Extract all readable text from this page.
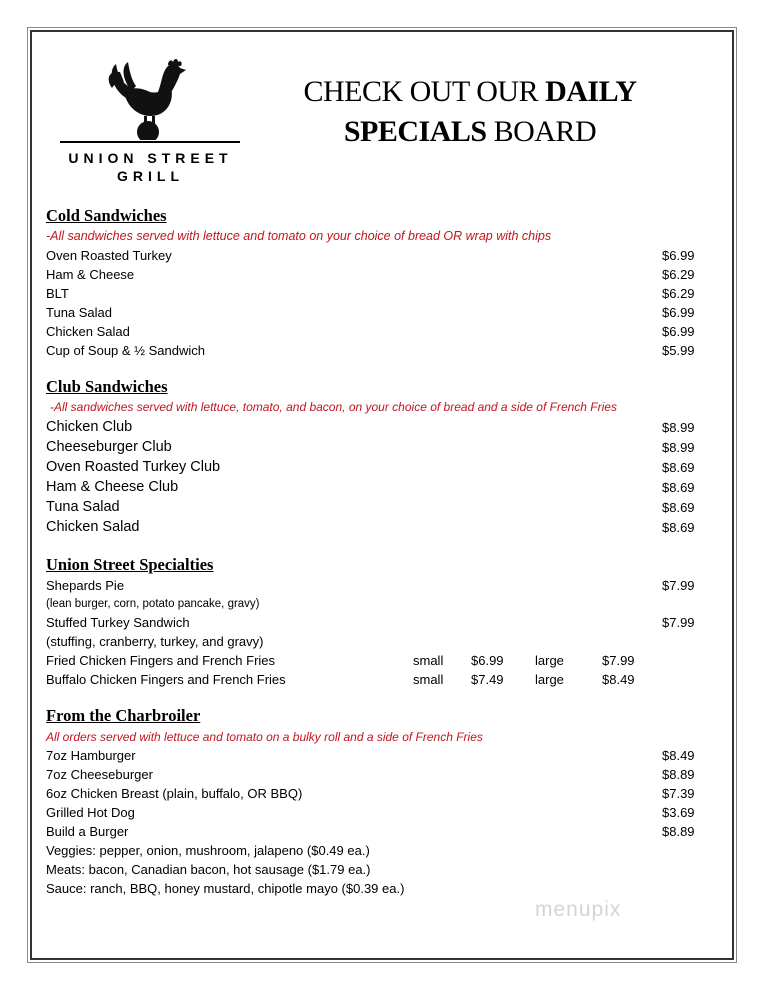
UNION STREET
GRILL
CHECK OUT OUR DAILY
SPECIALS BOARD
Cold Sandwiches
-All sandwiches served with lettuce and tomato on your choice of bread OR wrap with chips
Oven Roasted Turkey	$6.99
Ham & Cheese	$6.29
BLT	$6.29
Tuna Salad	$6.99
Chicken Salad	$6.99
Cup of Soup & ½ Sandwich	$5.99
Club Sandwiches
-All sandwiches served with lettuce, tomato, and bacon, on your choice of bread and a side of French Fries
Chicken Club	$8.99
Cheeseburger Club	$8.99
Oven Roasted Turkey Club	$8.69
Ham & Cheese Club	$8.69
Tuna Salad	$8.69
Chicken Salad	$8.69
Union Street Specialties
Shepards Pie	$7.99
(lean burger, corn, potato pancake, gravy)
Stuffed Turkey Sandwich	$7.99
(stuffing, cranberry, turkey, and gravy)
Fried Chicken Fingers and French Fries	small $6.99 large	$7.99
Buffalo Chicken Fingers and French Fries	small $7.49 large	$8.49
From the Charbroiler
All orders served with lettuce and tomato on a bulky roll and a side of French Fries
7oz Hamburger	$8.49
7oz Cheeseburger	$8.89
6oz Chicken Breast (plain, buffalo, OR BBQ)	$7.39
Grilled Hot Dog	$3.69
Build a Burger	$8.89
Veggies: pepper, onion, mushroom, jalapeno ($0.49 ea.)
Meats: bacon, Canadian bacon, hot sausage ($1.79 ea.)
Sauce: ranch, BBQ, honey mustard, chipotle mayo ($0.39 ea.)
menupix
